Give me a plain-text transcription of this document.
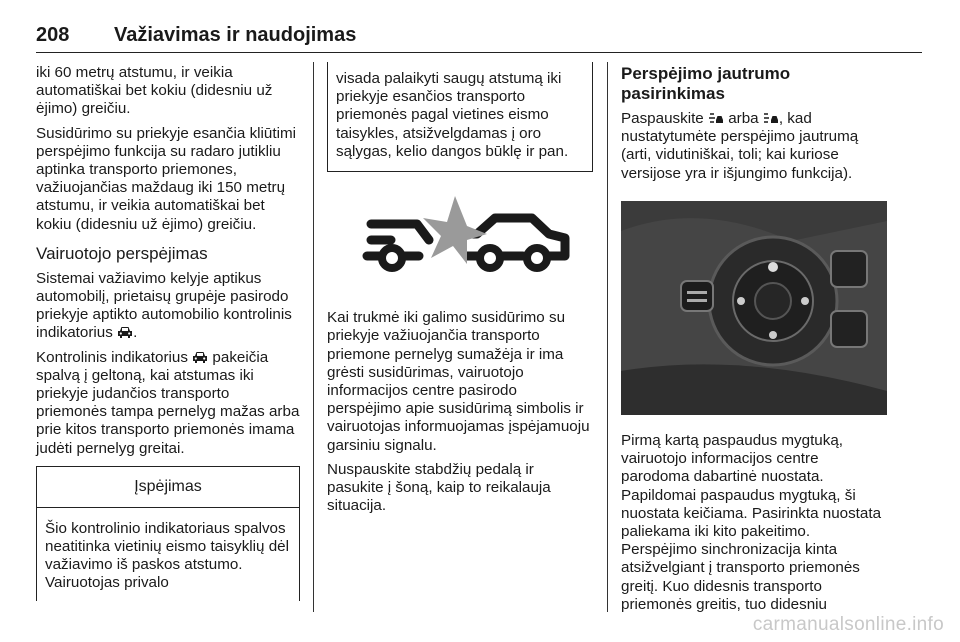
208 Važiavimas ir naudojimas

iki 60 metrų atstumu, ir veikia automatiškai bet kokiu (didesniu už ėjimo) greičiu.

Susidūrimo su priekyje esančia kliūtimi perspėjimo funkcija su radaro jutikliu aptinka transporto priemones, važiuojančias maždaug iki 150 metrų atstumu, ir veikia automatiškai bet kokiu (didesniu už ėjimo) greičiu.

Vairuotojo perspėjimas

Sistemai važiavimo kelyje aptikus automobilį, prietaisų grupėje pasirodo priekyje aptikto automobilio kontrolinis indikatorius .

Kontrolinis indikatorius pakeičia spalvą į geltoną, kai atstumas iki priekyje judančios transporto priemonės tampa pernelyg mažas arba prie kitos transporto priemonės imama judėti pernelyg greitai.

Įspėjimas
Šio kontrolinio indikatoriaus spalvos neatitinka vietinių eismo taisyklių dėl važiavimo iš paskos atstumo. Vairuotojas privalo
visada palaikyti saugų atstumą iki priekyje esančios transporto priemonės pagal vietines eismo taisykles, atsižvelgdamas į oro sąlygas, kelio dangos būklę ir pan.

Kai trukmė iki galimo susidūrimo su priekyje važiuojančia transporto priemone pernelyg sumažėja ir ima grėsti susidūrimas, vairuotojo informacijos centre pasirodo perspėjimo apie susidūrimą simbolis ir vairuotojas informuojamas įspėjamuoju garsiniu signalu.

Nuspauskite stabdžių pedalą ir pasukite į šoną, kaip to reikalauja situacija.

Perspėjimo jautrumo pasirinkimas

Paspauskite arba , kad nustatytumėte perspėjimo jautrumą (arti, vidutiniškai, toli; kai kuriose versijose yra ir išjungimo funkcija).

Pirmą kartą paspaudus mygtuką, vairuotojo informacijos centre parodoma dabartinė nuostata. Papildomai paspaudus mygtuką, ši nuostata keičiama. Pasirinkta nuostata paliekama iki kito pakeitimo. Perspėjimo sinchronizacija kinta atsižvelgiant į transporto priemonės greitį. Kuo didesnis transporto priemonės greitis, tuo didesniu

carmanualsonline.info
